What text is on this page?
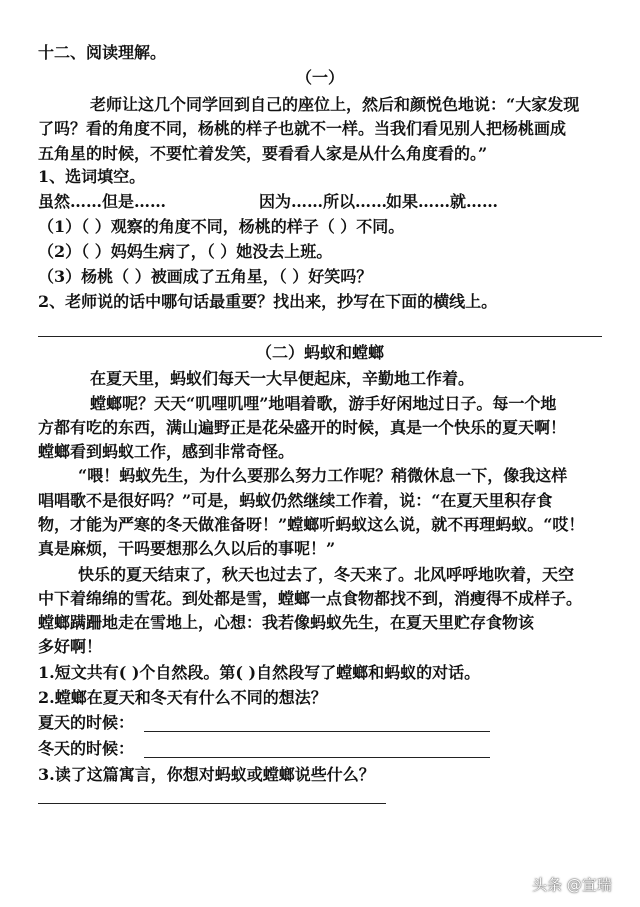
十二、阅读理解。
（一）
老师让这几个同学回到自己的座位上，然后和颜悦色地说：“大家发现
了吗？看的角度不同，杨桃的样子也就不一样。当我们看见别人把杨桃画成
五角星的时候，不要忙着发笑，要看看人家是从什么角度看的。”
1、选词填空。
虽然……但是……	因为……所以……
如果……就……
（1）（ ）观察的角度不同，杨桃的样子（ ）不同。
（2）（ ）妈妈生病了，（ ）她没去上班。
（3）杨桃（ ）被画成了五角星，（ ）好笑吗？
2、老师说的话中哪句话最重要？找出来，抄写在下面的横线上。
（二）蚂蚁和螳螂
在夏天里，蚂蚁们每天一大早便起床，辛勤地工作着。
螳螂呢？天天“叽哩叽哩”地唱着歌，游手好闲地过日子。每一个地
方都有吃的东西，满山遍野正是花朵盛开的时候，真是一个快乐的夏天啊！
螳螂看到蚂蚁工作，感到非常奇怪。
“喂！蚂蚁先生，为什么要那么努力工作呢？稍微休息一下，像我这样
唱唱歌不是很好吗？”可是，蚂蚁仍然继续工作着，说：“在夏天里积存食
物，才能为严寒的冬天做准备呀！”螳螂听蚂蚁这么说，就不再理蚂蚁。“哎！
真是麻烦，干吗要想那么久以后的事呢！”
快乐的夏天结束了，秋天也过去了，冬天来了。北风呼呼地吹着，天空
中下着绵绵的雪花。到处都是雪，螳螂一点食物都找不到，消瘦得不成样子。
螳螂蹒跚地走在雪地上，心想：我若像蚂蚁先生，在夏天里贮存食物该
多好啊！
1.短文共有( )个自然段。第( )自然段写了螳螂和蚂蚁的对话。
2.螳螂在夏天和冬天有什么不同的想法？
夏天的时候：
冬天的时候：
3.读了这篇寓言，你想对蚂蚁或螳螂说些什么？
头条 @宣瑞
